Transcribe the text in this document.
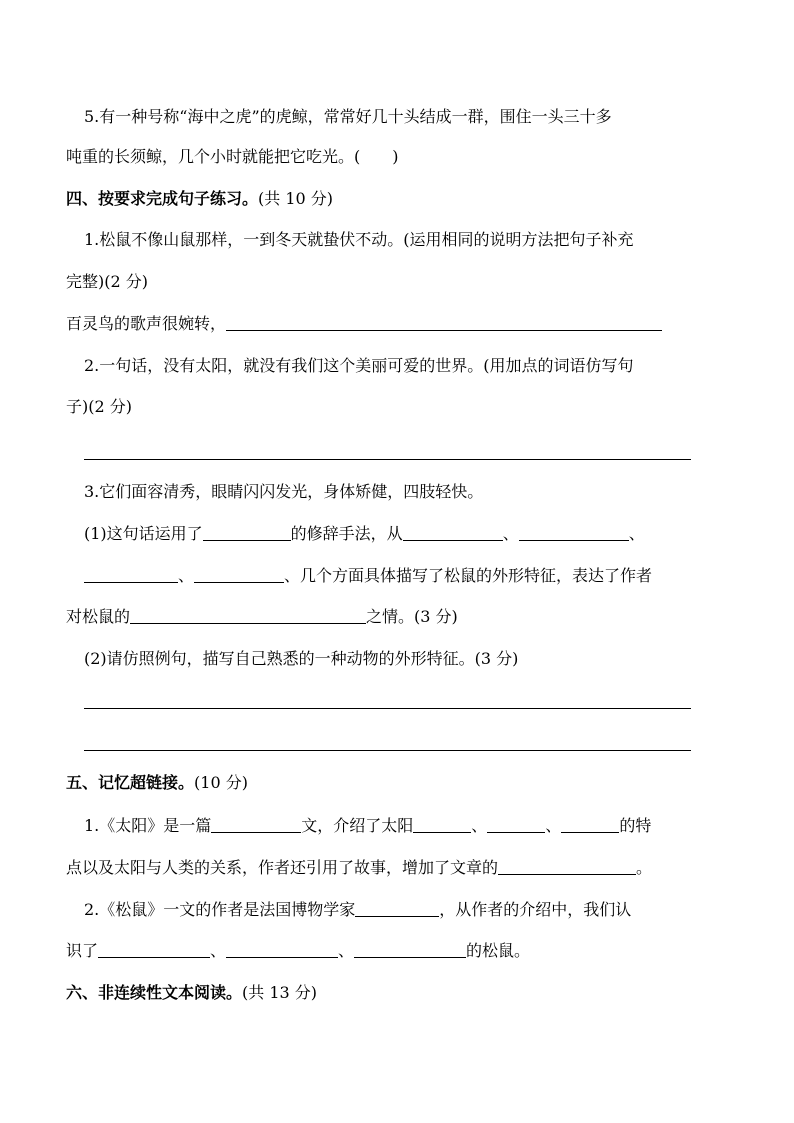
5.有一种号称“海中之虎”的虎鲸，常常好几十头结成一群，围住一头三十多
吨重的长须鲸，几个小时就能把它吃光。(　　)
四、按要求完成句子练习。(共 10 分)
1.松鼠不像山鼠那样，一到冬天就蛰伏不动。(运用相同的说明方法把句子补充
完整)(2 分)
百灵鸟的歌声很婉转，
2.一句话，没有太阳，就没有我们这个美丽可爱的世界。(用加点的词语仿写句
子)(2 分)
3.它们面容清秀，眼睛闪闪发光，身体矫健，四肢轻快。
(1)这句话运用了	的修辞手法，从	、	、
、	、几个方面具体描写了松鼠的外形特征，表达了作者
对松鼠的	之情。(3 分)
(2)请仿照例句，描写自己熟悉的一种动物的外形特征。(3 分)
五、记忆超链接。(10 分)
1.《太阳》是一篇	文，介绍了太阳	、	、	的特
点以及太阳与人类的关系，作者还引用了故事，增加了文章的	。
2.《松鼠》一文的作者是法国博物学家	，从作者的介绍中，我们认
识了	、	、	的松鼠。
六、非连续性文本阅读。(共 13 分)
